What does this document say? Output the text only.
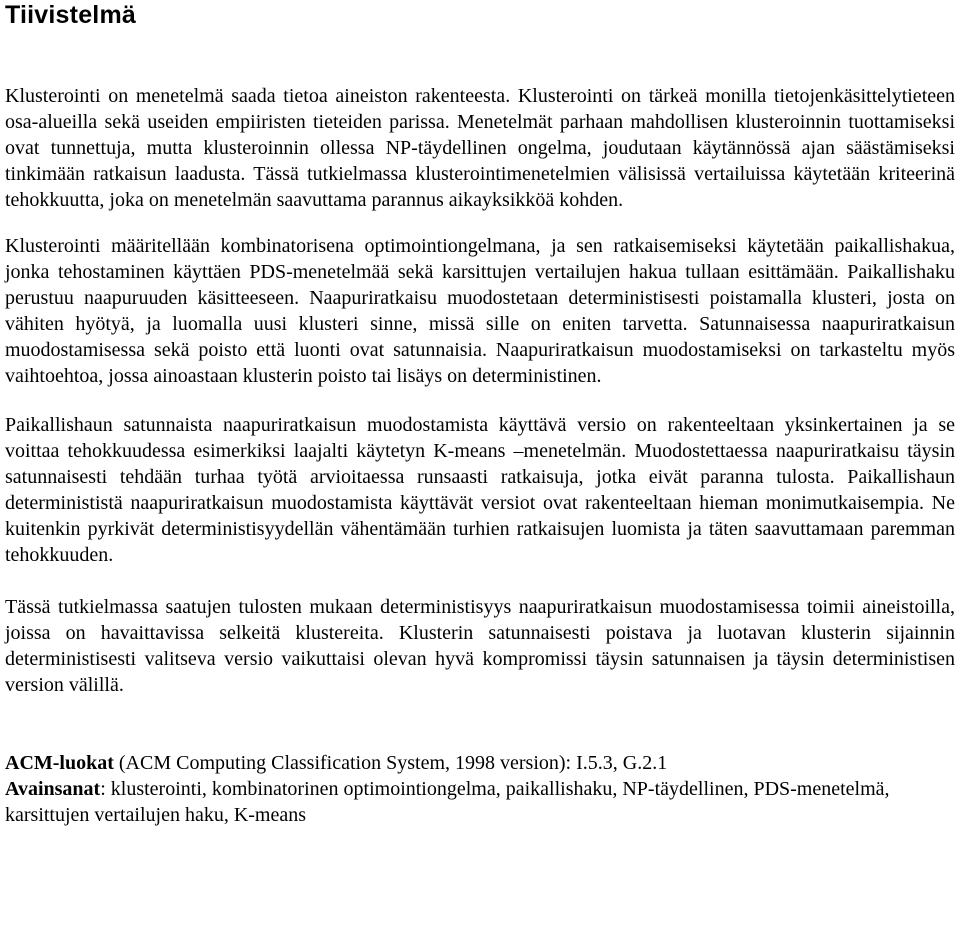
Tiivistelmä

Klusterointi on menetelmä saada tietoa aineiston rakenteesta. Klusterointi on tärkeä monilla tietojenkäsittelytieteen osa-alueilla sekä useiden empiiristen tieteiden parissa. Menetelmät parhaan mahdollisen klusteroinnin tuottamiseksi ovat tunnettuja, mutta klusteroinnin ollessa NP-täydellinen ongelma, joudutaan käytännössä ajan säästämiseksi tinkimään ratkaisun laadusta. Tässä tutkielmassa klusterointimenetelmien välisissä vertailuissa käytetään kriteerinä tehokkuutta, joka on menetelmän saavuttama parannus aikayksikköä kohden.

Klusterointi määritellään kombinatorisena optimointiongelmana, ja sen ratkaisemiseksi käytetään paikallishakua, jonka tehostaminen käyttäen PDS-menetelmää sekä karsittujen vertailujen hakua tullaan esittämään. Paikallishaku perustuu naapuruuden käsitteeseen. Naapuriratkaisu muodostetaan deterministisesti poistamalla klusteri, josta on vähiten hyötyä, ja luomalla uusi klusteri sinne, missä sille on eniten tarvetta. Satunnaisessa naapuriratkaisun muodostamisessa sekä poisto että luonti ovat satunnaisia. Naapuriratkaisun muodostamiseksi on tarkasteltu myös vaihtoehtoa, jossa ainoastaan klusterin poisto tai lisäys on deterministinen.

Paikallishaun satunnaista naapuriratkaisun muodostamista käyttävä versio on rakenteeltaan yksinkertainen ja se voittaa tehokkuudessa esimerkiksi laajalti käytetyn K-means –menetelmän. Muodostettaessa naapuriratkaisu täysin satunnaisesti tehdään turhaa työtä arvioitaessa runsaasti ratkaisuja, jotka eivät paranna tulosta. Paikallishaun determinististä naapuriratkaisun muodostamista käyttävät versiot ovat rakenteeltaan hieman monimutkaisempia. Ne kuitenkin pyrkivät deterministisyydellän vähentämään turhien ratkaisujen luomista ja täten saavuttamaan paremman tehokkuuden.

Tässä tutkielmassa saatujen tulosten mukaan deterministisyys naapuriratkaisun muodostamisessa toimii aineistoilla, joissa on havaittavissa selkeitä klustereita. Klusterin satunnaisesti poistava ja luotavan klusterin sijainnin deterministisesti valitseva versio vaikuttaisi olevan hyvä kompromissi täysin satunnaisen ja täysin deterministisen version välillä.

ACM-luokat (ACM Computing Classification System, 1998 version): I.5.3, G.2.1

Avainsanat: klusterointi, kombinatorinen optimointiongelma, paikallishaku, NP-täydellinen, PDS-menetelmä, karsittujen vertailujen haku, K-means
